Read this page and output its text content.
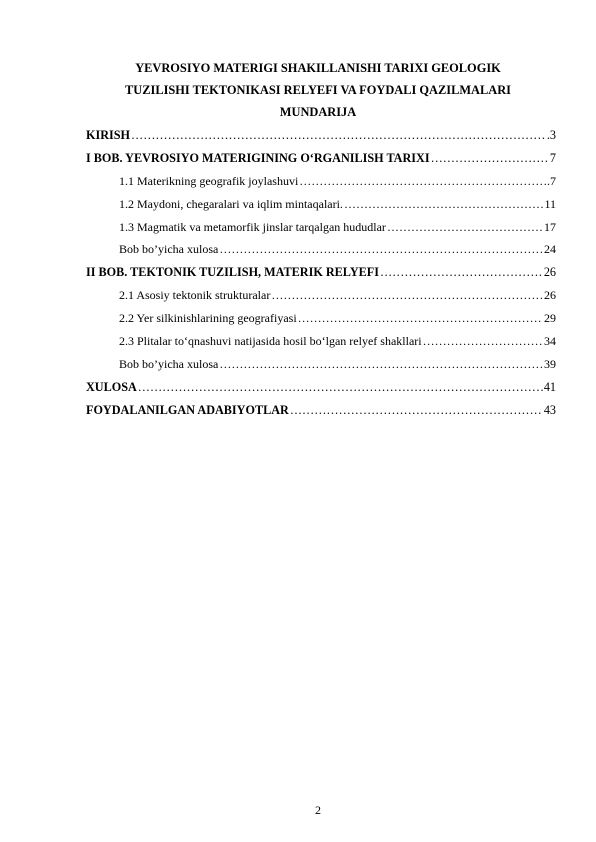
YEVROSIYO MATERIGI SHAKILLANISHI TARIXI GEOLOGIK
TUZILISHI TEKTONIKASI RELYEFI VA FOYDALI QAZILMALARI
MUNDARIJA
KIRISH ………………………………………………………………………………………………………………………………………………………	.3
I BOB. YEVROSIYO MATERIGINING O‘RGANILISH TARIXI ………………………………………………………………………………………………………………………………………………………	7
1.1 Materikning geografik joylashuvi ………………………………………………………………………………………………………………………………………………………	.7
1.2 Maydoni, chegaralari va iqlim mintaqalari. ………………………………………………………………………………………………………………………………………………………	11
1.3 Magmatik va metamorfik jinslar tarqalgan hududlar ………………………………………………………………………………………………………………………………………………………	17
Bob bo’yicha xulosa ………………………………………………………………………………………………………………………………………………………	24
II BOB. TEKTONIK TUZILISH, MATERIK RELYEFI ………………………………………………………………………………………………………………………………………………………	26
2.1 Asosiy tektonik strukturalar ………………………………………………………………………………………………………………………………………………………	26
2.2 Yer silkinishlarining geografiyasi ………………………………………………………………………………………………………………………………………………………	29
2.3 Plitalar to‘qnashuvi natijasida hosil bo‘lgan relyef shakllari ………………………………………………………………………………………………………………………………………………………	34
Bob bo’yicha xulosa ………………………………………………………………………………………………………………………………………………………	39
XULOSA ………………………………………………………………………………………………………………………………………………………	41
FOYDALANILGAN ADABIYOTLAR ………………………………………………………………………………………………………………………………………………………	43
2
